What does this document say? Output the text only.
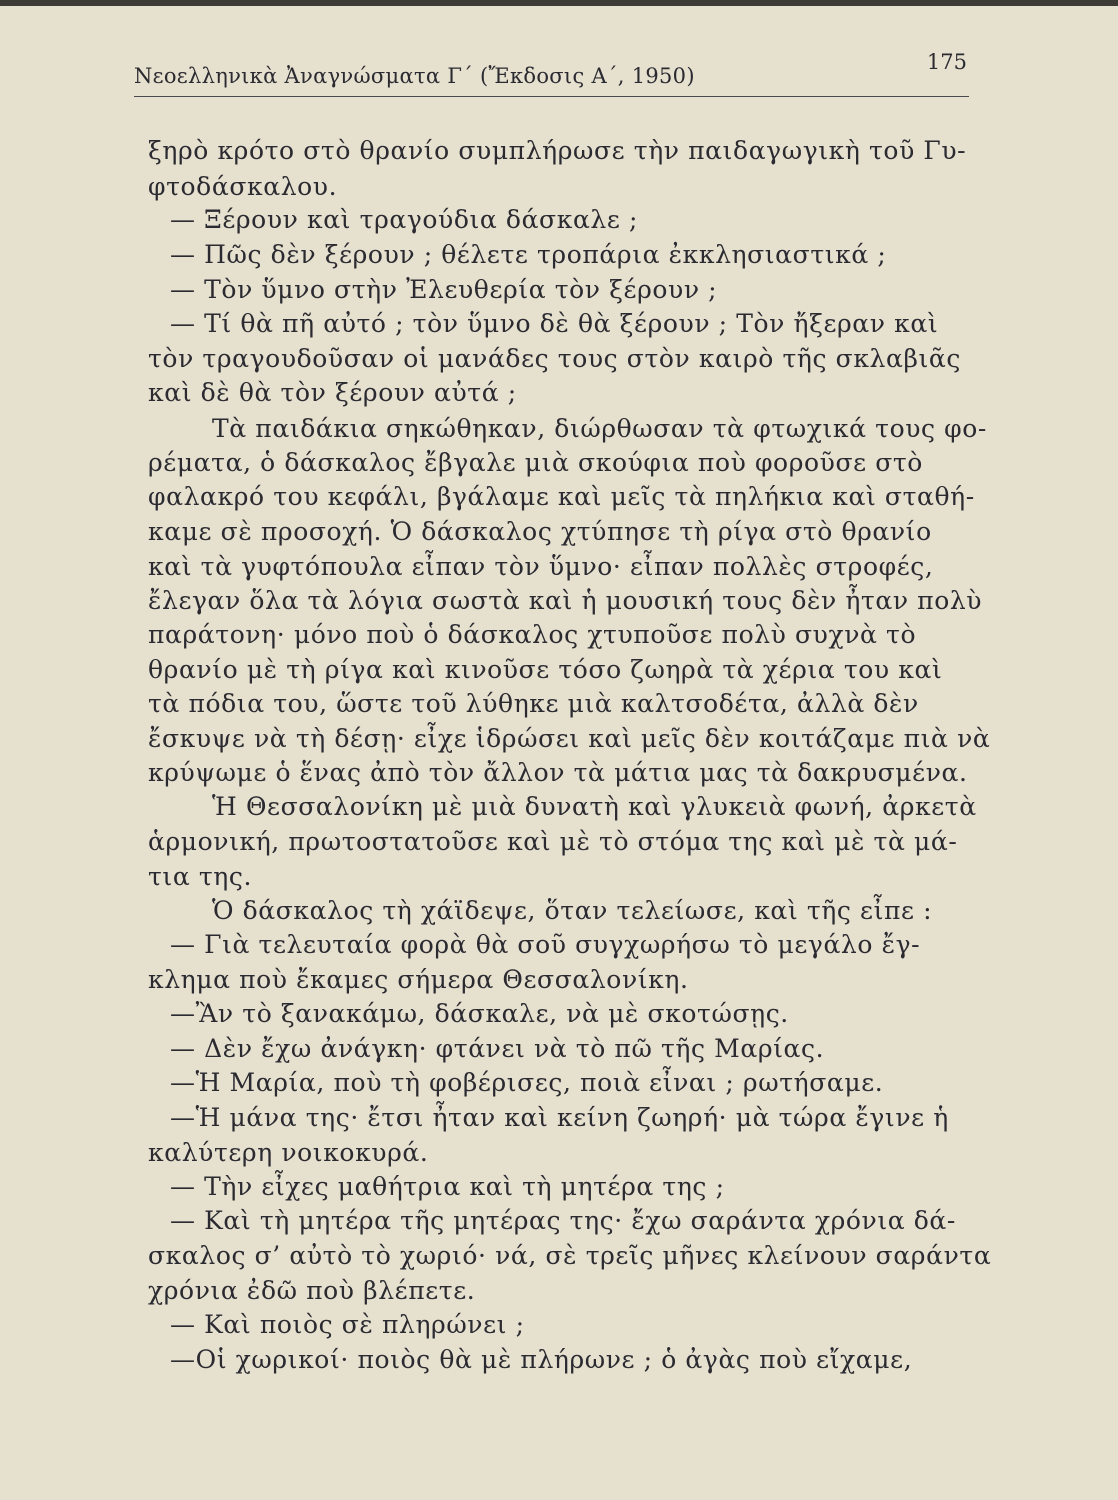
Νεοελληνικὰ Ἀναγνώσματα Γ΄ (Ἔκδοσις Α΄, 1950)
175
ξηρὸ κρότο στὸ θρανίο συμπλήρωσε τὴν παιδαγωγικὴ τοῦ Γυ-
φτοδάσκαλου.
— Ξέρουν καὶ τραγούδια δάσκαλε ;
— Πῶς δὲν ξέρουν ; θέλετε τροπάρια ἐκκλησιαστικά ;
— Τὸν ὕμνο στὴν Ἐλευθερία τὸν ξέρουν ;
— Τί θὰ πῆ αὐτό ; τὸν ὕμνο δὲ θὰ ξέρουν ; Τὸν ἤξεραν καὶ
τὸν τραγουδοῦσαν οἱ μανάδες τους στὸν καιρὸ τῆς σκλαβιᾶς
καὶ δὲ θὰ τὸν ξέρουν αὐτά ;
Τὰ παιδάκια σηκώθηκαν, διώρθωσαν τὰ φτωχικά τους φο-
ρέματα, ὁ δάσκαλος ἔβγαλε μιὰ σκούφια ποὺ φοροῦσε στὸ
φαλακρό του κεφάλι, βγάλαμε καὶ μεῖς τὰ πηλήκια καὶ σταθή-
καμε σὲ προσοχή. Ὁ δάσκαλος χτύπησε τὴ ρίγα στὸ θρανίο
καὶ τὰ γυφτόπουλα εἶπαν τὸν ὕμνο· εἶπαν πολλὲς στροφές,
ἔλεγαν ὅλα τὰ λόγια σωστὰ καὶ ἡ μουσική τους δὲν ἦταν πολὺ
παράτονη· μόνο ποὺ ὁ δάσκαλος χτυποῦσε πολὺ συχνὰ τὸ
θρανίο μὲ τὴ ρίγα καὶ κινοῦσε τόσο ζωηρὰ τὰ χέρια του καὶ
τὰ πόδια του, ὥστε τοῦ λύθηκε μιὰ καλτσοδέτα, ἀλλὰ δὲν
ἔσκυψε νὰ τὴ δέσῃ· εἶχε ἱδρώσει καὶ μεῖς δὲν κοιτάζαμε πιὰ νὰ
κρύψωμε ὁ ἕνας ἀπὸ τὸν ἄλλον τὰ μάτια μας τὰ δακρυσμένα.
Ἡ Θεσσαλονίκη μὲ μιὰ δυνατὴ καὶ γλυκειὰ φωνή, ἀρκετὰ
ἁρμονική, πρωτοστατοῦσε καὶ μὲ τὸ στόμα της καὶ μὲ τὰ μά-
τια της.
Ὁ δάσκαλος τὴ χάϊδεψε, ὅταν τελείωσε, καὶ τῆς εἶπε :
— Γιὰ τελευταία φορὰ θὰ σοῦ συγχωρήσω τὸ μεγάλο ἔγ-
κλημα ποὺ ἔκαμες σήμερα Θεσσαλονίκη.
—Ἂν τὸ ξανακάμω, δάσκαλε, νὰ μὲ σκοτώσῃς.
— Δὲν ἔχω ἀνάγκη· φτάνει νὰ τὸ πῶ τῆς Μαρίας.
—Ἡ Μαρία, ποὺ τὴ φοβέρισες, ποιὰ εἶναι ; ρωτήσαμε.
—Ἡ μάνα της· ἔτσι ἦταν καὶ κείνη ζωηρή· μὰ τώρα ἔγινε ἡ
καλύτερη νοικοκυρά.
— Τὴν εἶχες μαθήτρια καὶ τὴ μητέρα της ;
— Καὶ τὴ μητέρα τῆς μητέρας της· ἔχω σαράντα χρόνια δά-
σκαλος σ’ αὐτὸ τὸ χωριό· νά, σὲ τρεῖς μῆνες κλείνουν σαράντα
χρόνια ἐδῶ ποὺ βλέπετε.
— Καὶ ποιὸς σὲ πληρώνει ;
—Οἱ χωρικοί· ποιὸς θὰ μὲ πλήρωνε ; ὁ ἀγὰς ποὺ εἴχαμε,
